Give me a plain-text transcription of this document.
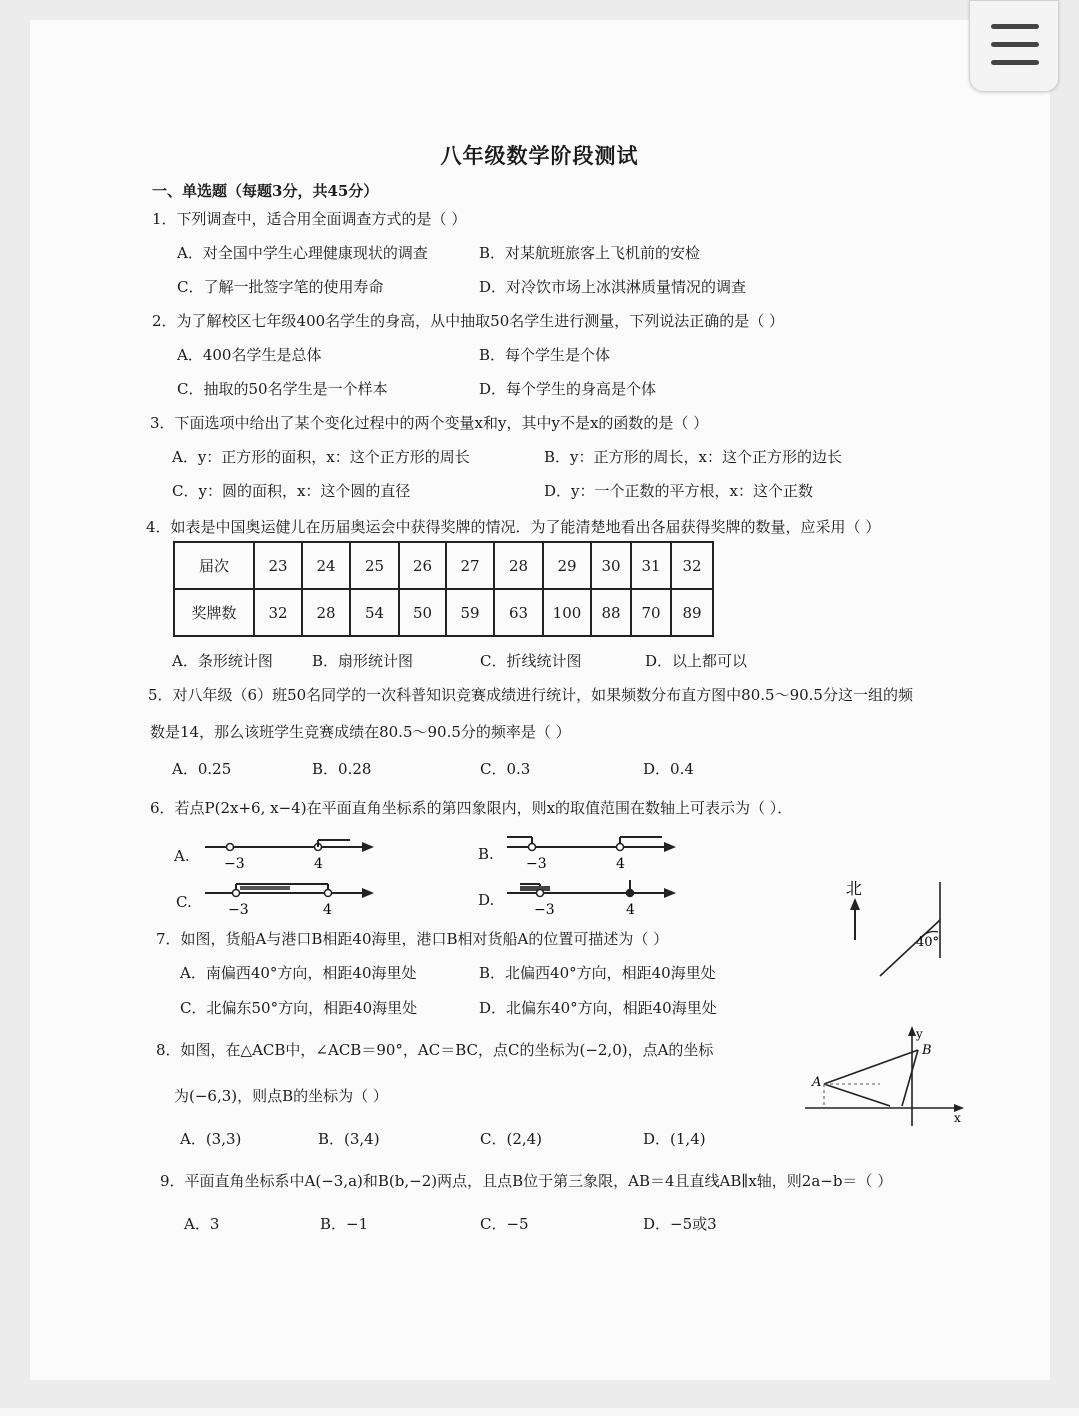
八年级数学阶段测试
一、单选题（每题3分，共45分）
1．下列调查中，适合用全面调查方式的是（ ）
A．对全国中学生心理健康现状的调查	B．对某航班旅客上飞机前的安检
C．了解一批签字笔的使用寿命	D．对冷饮市场上冰淇淋质量情况的调查
2．为了解校区七年级400名学生的身高，从中抽取50名学生进行测量，下列说法正确的是（ ）
A．400名学生是总体	B．每个学生是个体
C．抽取的50名学生是一个样本	D．每个学生的身高是个体
3．下面选项中给出了某个变化过程中的两个变量x和y，其中y不是x的函数的是（ ）
A．y：正方形的面积，x：这个正方形的周长	B．y：正方形的周长，x：这个正方形的边长
C．y：圆的面积，x：这个圆的直径	D．y：一个正数的平方根，x：这个正数
4．如表是中国奥运健儿在历届奥运会中获得奖牌的情况．为了能清楚地看出各届获得奖牌的数量，应采用（ ）
届次	23	24	25	26	27	28	29	30	31	32
奖牌数	32	28	54	50	59	63	100	88	70	89
A．条形统计图	B．扇形统计图	C．折线统计图	D．以上都可以
5．对八年级（6）班50名同学的一次科普知识竞赛成绩进行统计，如果频数分布直方图中80.5～90.5分这一组的频
数是14，那么该班学生竞赛成绩在80.5～90.5分的频率是（ ）
A．0.25	B．0.28	C．0.3	D．0.4
6．若点P(2x+6, x−4)在平面直角坐标系的第四象限内，则x的取值范围在数轴上可表示为（ ）．
A.	B.
C.	D.
−3	4	−3	4
−3	4	−3	4
北
40°
7．如图，货船A与港口B相距40海里，港口B相对货船A的位置可描述为（ ）
A．南偏西40°方向，相距40海里处	B．北偏西40°方向，相距40海里处
C．北偏东50°方向，相距40海里处	D．北偏东40°方向，相距40海里处
x
y
A
B
8．如图，在△ACB中，∠ACB＝90°，AC＝BC，点C的坐标为(−2,0)，点A的坐标
为(−6,3)，则点B的坐标为（ ）
A．(3,3)	B．(3,4)	C．(2,4)	D．(1,4)
9．平面直角坐标系中A(−3,a)和B(b,−2)两点，且点B位于第三象限，AB＝4且直线AB∥x轴，则2a−b＝（ ）
A．3	B．−1	C．−5	D．−5或3
